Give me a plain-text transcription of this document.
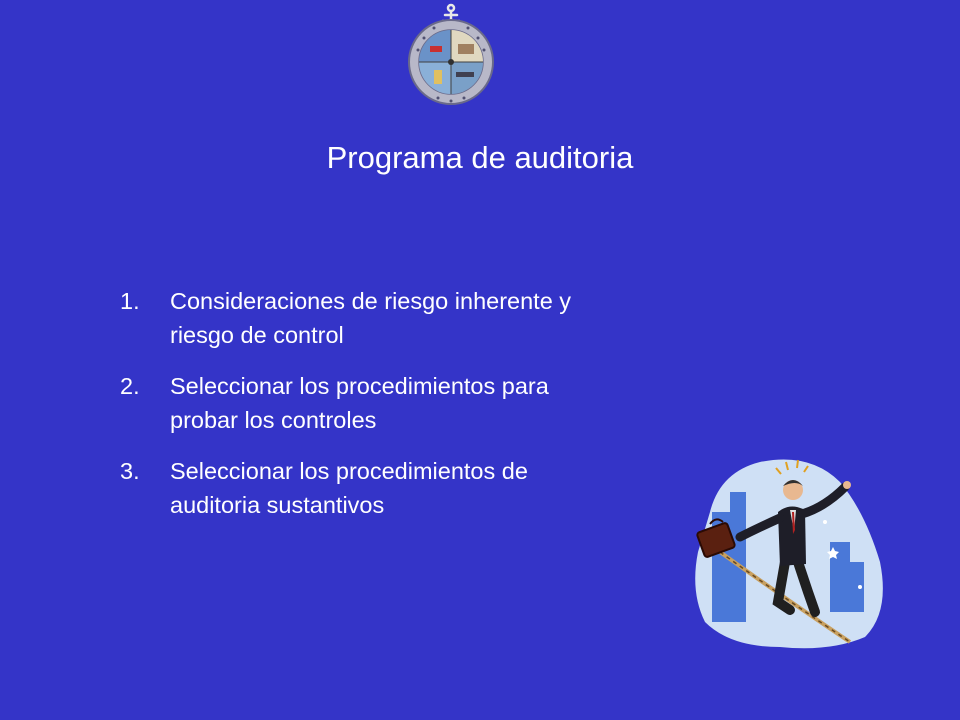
Programa de auditoria
1.	Consideraciones de riesgo inherente y
riesgo de control
2.	Seleccionar los procedimientos para
probar los controles
3.	Seleccionar los procedimientos de
auditoria sustantivos
